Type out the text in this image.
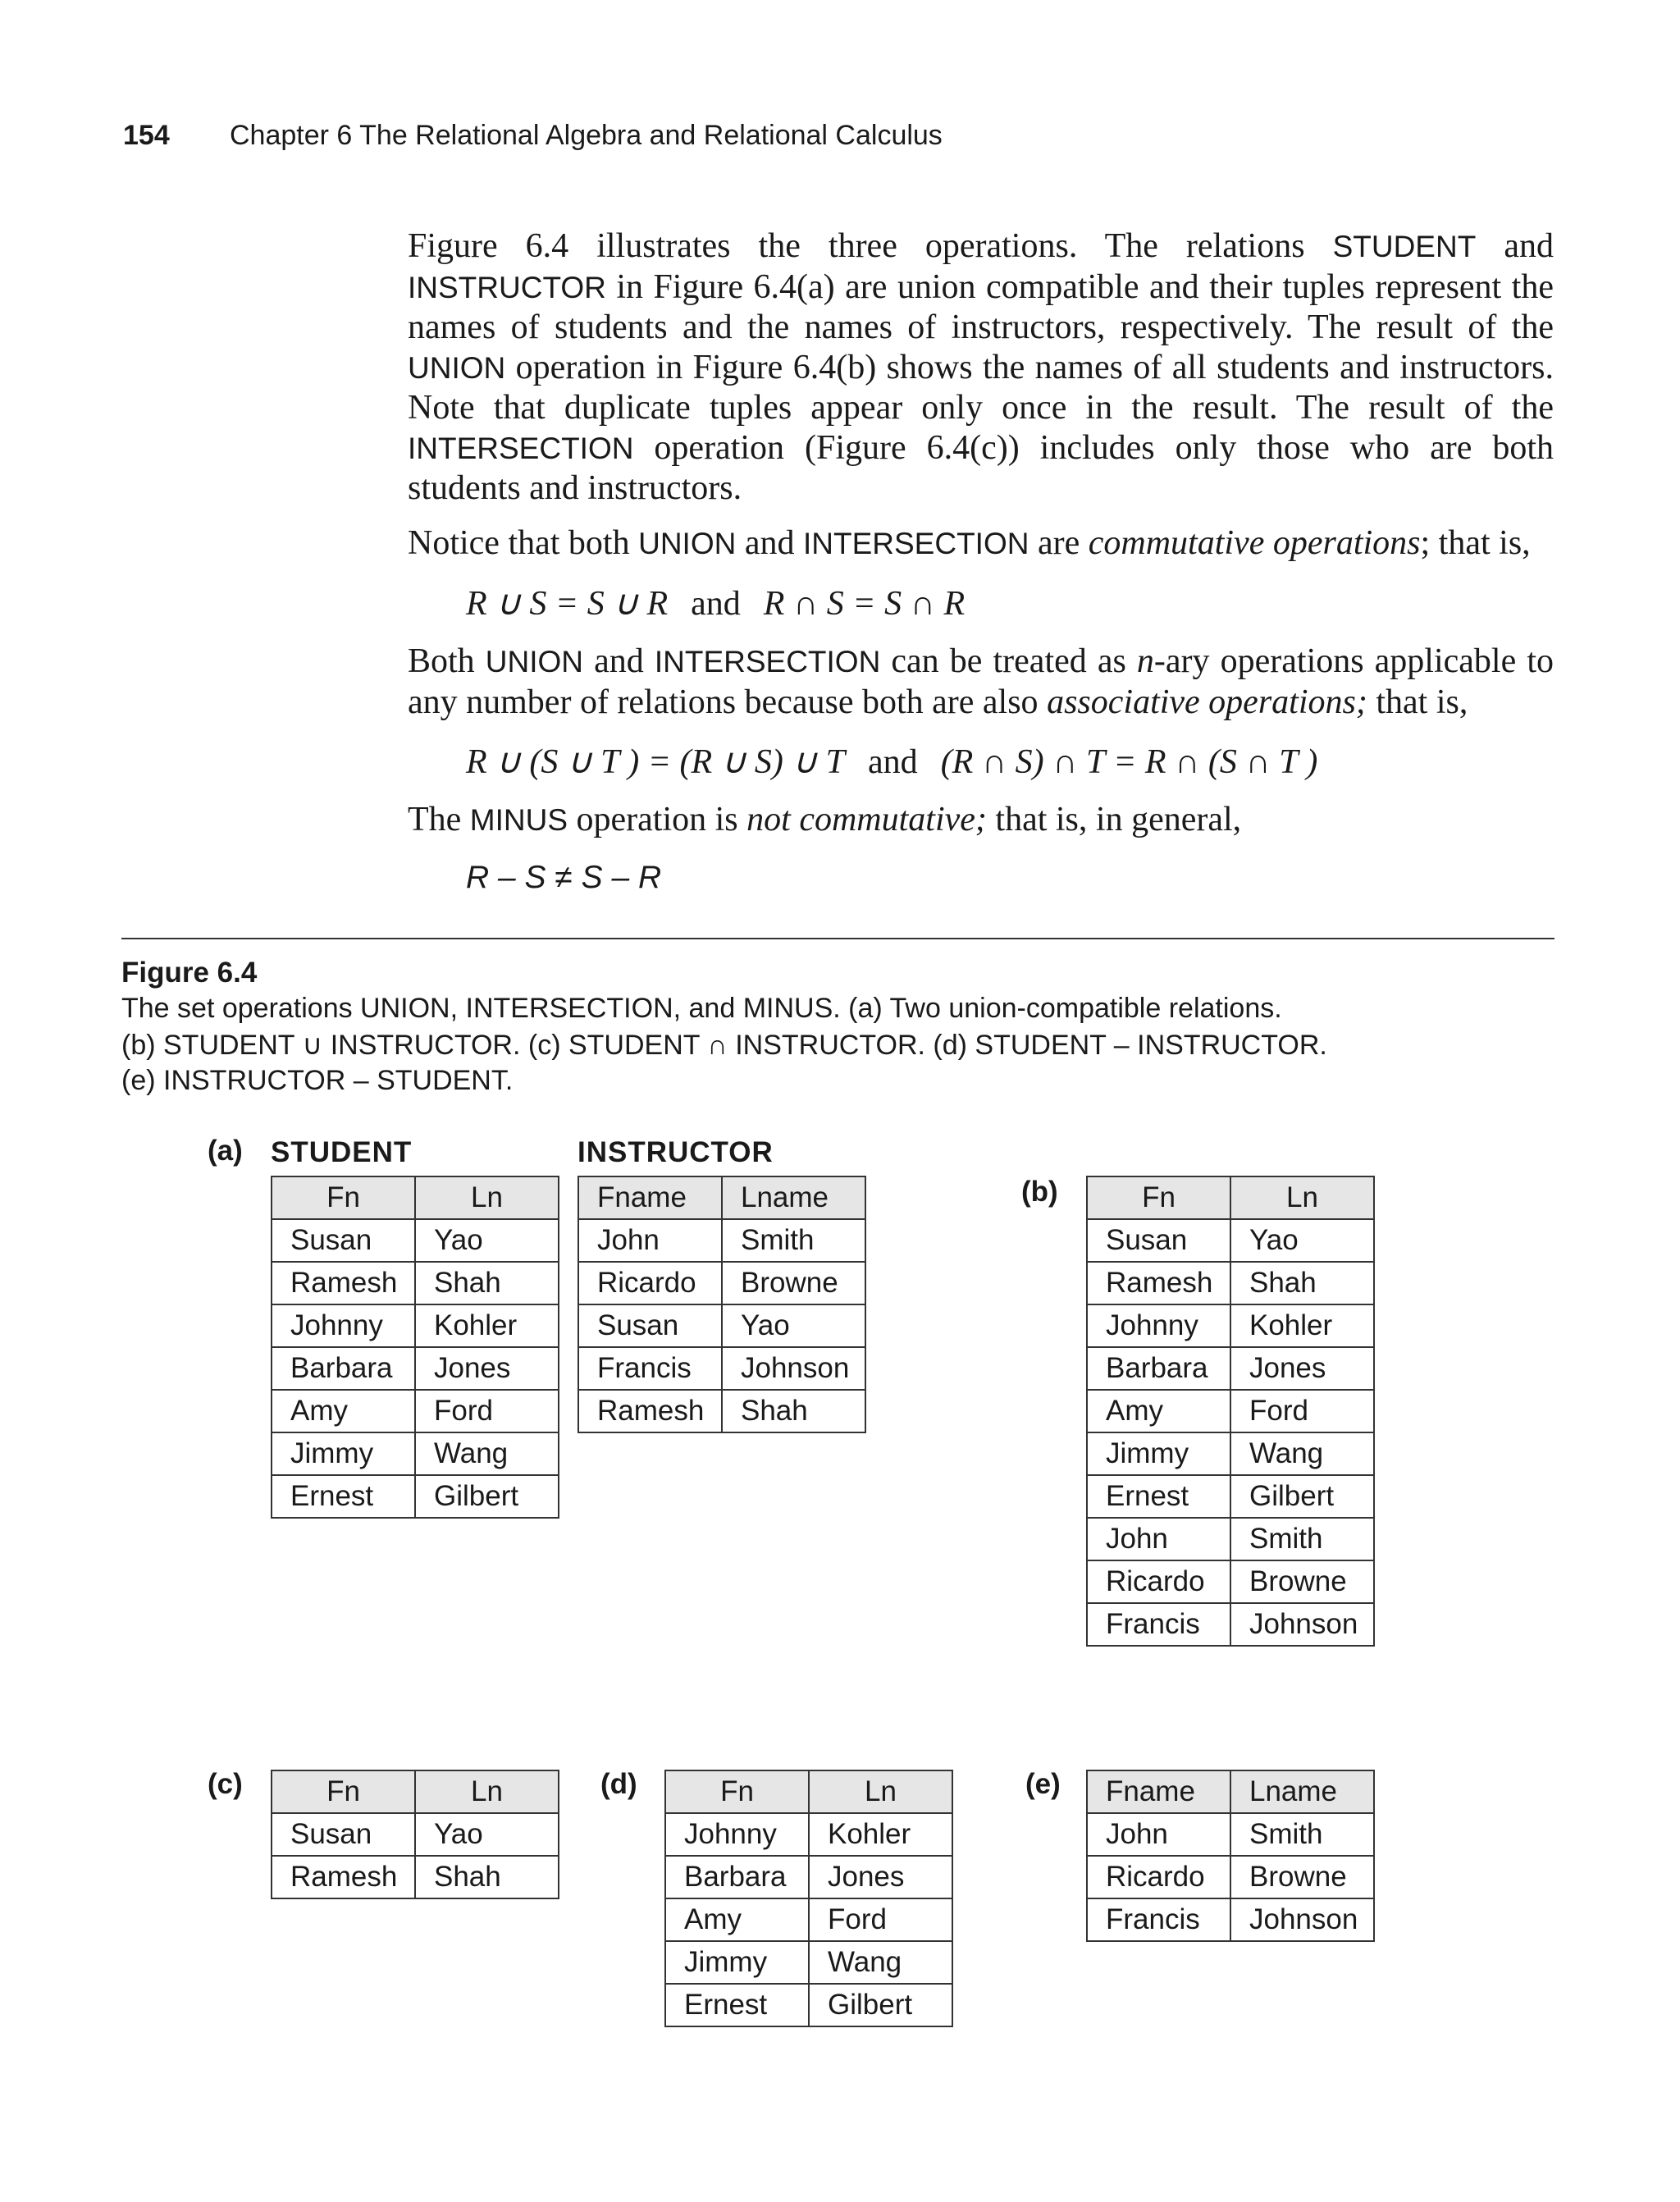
154 Chapter 6 The Relational Algebra and Relational Calculus
Figure 6.4 illustrates the three operations. The relations STUDENT and INSTRUCTOR in Figure 6.4(a) are union compatible and their tuples represent the names of students and the names of instructors, respectively. The result of the UNION operation in Figure 6.4(b) shows the names of all students and instructors. Note that duplicate tuples appear only once in the result. The result of the INTERSECTION operation (Figure 6.4(c)) includes only those who are both students and instructors.
Notice that both UNION and INTERSECTION are commutative operations; that is,
R ∪ S = S ∪ R and R ∩ S = S ∩ R
Both UNION and INTERSECTION can be treated as n-ary operations applicable to any number of relations because both are also associative operations; that is,
R ∪ (S ∪ T ) = (R ∪ S) ∪ T and (R ∩ S) ∩ T = R ∩ (S ∩ T )
The MINUS operation is not commutative; that is, in general,
R – S ≠ S – R
Figure 6.4
The set operations UNION, INTERSECTION, and MINUS. (a) Two union-compatible relations.
(b) STUDENT ∪ INSTRUCTOR. (c) STUDENT ∩ INSTRUCTOR. (d) STUDENT – INSTRUCTOR.
(e) INSTRUCTOR – STUDENT.
(a) STUDENT
Fn	Ln
Susan	Yao
Ramesh	Shah
Johnny	Kohler
Barbara	Jones
Amy	Ford
Jimmy	Wang
Ernest	Gilbert
INSTRUCTOR
Fname	Lname
John	Smith
Ricardo	Browne
Susan	Yao
Francis	Johnson
Ramesh	Shah
(b)	Fn	Ln
Susan	Yao
Ramesh	Shah
Johnny	Kohler
Barbara	Jones
Amy	Ford
Jimmy	Wang
Ernest	Gilbert
John	Smith
Ricardo	Browne
Francis	Johnson
(c)	Fn	Ln
Susan	Yao
Ramesh	Shah
(d)	Fn	Ln
Johnny	Kohler
Barbara	Jones
Amy	Ford
Jimmy	Wang
Ernest	Gilbert
(e) Fname	Lname
John	Smith
Ricardo	Browne
Francis	Johnson
